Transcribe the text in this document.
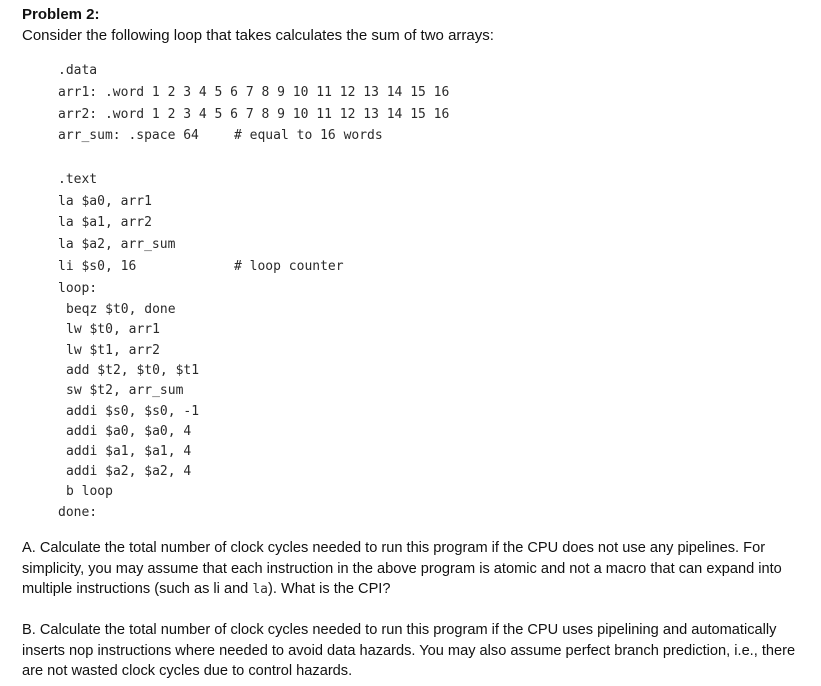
Problem 2:
Consider the following loop that takes calculates the sum of two arrays:
.data
arr1: .word 1 2 3 4 5 6 7 8 9 10 11 12 13 14 15 16
arr2: .word 1 2 3 4 5 6 7 8 9 10 11 12 13 14 15 16
arr_sum: .space 64	# equal to 16 words
.text
la $a0, arr1
la $a1, arr2
la $a2, arr_sum
li $s0, 16	# loop counter
loop:
beqz $t0, done
lw $t0, arr1
lw $t1, arr2
add $t2, $t0, $t1
sw $t2, arr_sum
addi $s0, $s0, -1
addi $a0, $a0, 4
addi $a1, $a1, 4
addi $a2, $a2, 4
b loop
done:
A. Calculate the total number of clock cycles needed to run this program if the CPU does not use any pipelines. For simplicity, you may assume that each instruction in the above program is atomic and not a macro that can expand into multiple instructions (such as li and la). What is the CPI?
B. Calculate the total number of clock cycles needed to run this program if the CPU uses pipelining and automatically inserts nop instructions where needed to avoid data hazards. You may also assume perfect branch prediction, i.e., there are not wasted clock cycles due to control hazards.
